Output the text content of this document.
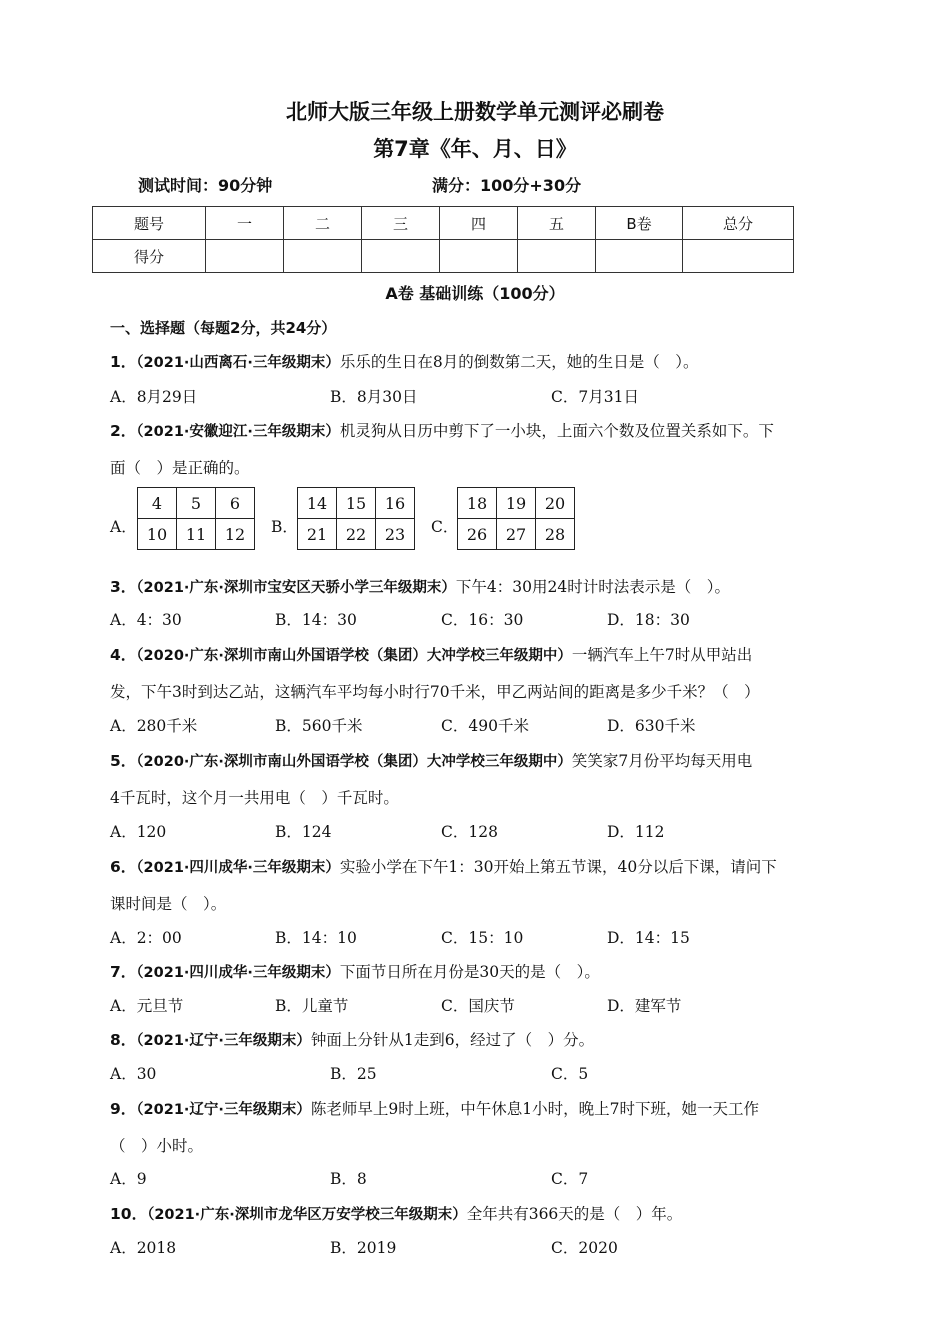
北师大版三年级上册数学单元测评必刷卷
第7章《年、月、日》
测试时间：90分钟	满分：100分+30分
题号	一	二	三	四	五	B卷	总分
得分							
A卷 基础训练（100分）
一、选择题（每题2分，共24分）
1．（2021·山西离石·三年级期末）乐乐的生日在8月的倒数第二天，她的生日是（　）。
A．8月29日	B．8月30日	C．7月31日
2．（2021·安徽迎江·三年级期末）机灵狗从日历中剪下了一小块，上面六个数及位置关系如下。下
面（　）是正确的。
A．
4	5	6
10	11	12 B．
14	15	16
21	22	23 C．
18	19	20
26	27	28
3．（2021·广东·深圳市宝安区天骄小学三年级期末）下午4：30用24时计时法表示是（　）。
A．4：30	B．14：30	C．16：30	D．18：30
4．（2020·广东·深圳市南山外国语学校（集团）大冲学校三年级期中）一辆汽车上午7时从甲站出
发，下午3时到达乙站，这辆汽车平均每小时行70千米，甲乙两站间的距离是多少千米？（　）
A．280千米	B．560千米	C．490千米	D．630千米
5．（2020·广东·深圳市南山外国语学校（集团）大冲学校三年级期中）笑笑家7月份平均每天用电
4千瓦时，这个月一共用电（　）千瓦时。
A．120	B．124	C．128	D．112
6．（2021·四川成华·三年级期末）实验小学在下午1：30开始上第五节课，40分以后下课，请问下
课时间是（　）。
A．2：00	B．14：10	C．15：10	D．14：15
7．（2021·四川成华·三年级期末）下面节日所在月份是30天的是（　）。
A．元旦节	B．儿童节	C．国庆节	D．建军节
8．（2021·辽宁·三年级期末）钟面上分针从1走到6，经过了（　）分。
A．30	B．25	C．5
9．（2021·辽宁·三年级期末）陈老师早上9时上班，中午休息1小时，晚上7时下班，她一天工作
（　）小时。
A．9	B．8	C．7
10．（2021·广东·深圳市龙华区万安学校三年级期末）全年共有366天的是（　）年。
A．2018	B．2019	C．2020
